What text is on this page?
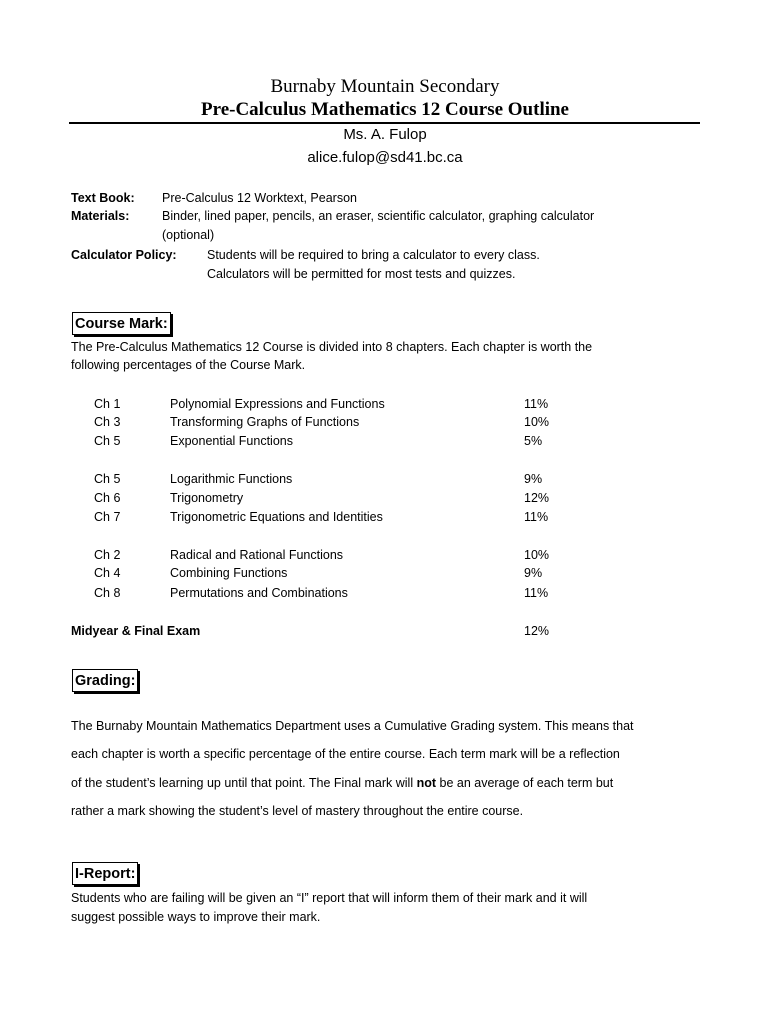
Burnaby Mountain Secondary
Pre-Calculus Mathematics 12 Course Outline
Ms. A. Fulop
alice.fulop@sd41.bc.ca
Text Book: Pre-Calculus 12 Worktext, Pearson
Materials:	Binder, lined paper, pencils, an eraser, scientific calculator, graphing calculator
(optional)
Calculator Policy: Students will be required to bring a calculator to every class.
Calculators will be permitted for most tests and quizzes.
Course Mark:
The Pre-Calculus Mathematics 12 Course is divided into 8 chapters. Each chapter is worth the
following percentages of the Course Mark.
Ch 1	Polynomial Expressions and Functions	11%
Ch 3	Transforming Graphs of Functions	10%
Ch 5	Exponential Functions	5%
Ch 5	Logarithmic Functions	9%
Ch 6	Trigonometry	12%
Ch 7	Trigonometric Equations and Identities	11%
Ch 2	Radical and Rational Functions	10%
Ch 4	Combining Functions	9%
Ch 8	Permutations and Combinations	11%
Midyear & Final Exam	12%
Grading:
The Burnaby Mountain Mathematics Department uses a Cumulative Grading system. This means that
each chapter is worth a specific percentage of the entire course. Each term mark will be a reflection
of the student’s learning up until that point. The Final mark will not be an average of each term but
rather a mark showing the student’s level of mastery throughout the entire course.
I-Report:
Students who are failing will be given an “I” report that will inform them of their mark and it will
suggest possible ways to improve their mark.
